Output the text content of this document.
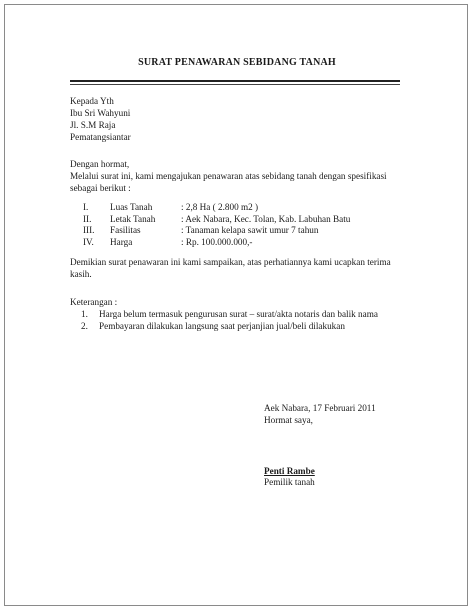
SURAT PENAWARAN SEBIDANG TANAH
Kepada Yth
Ibu Sri Wahyuni
Jl. S.M Raja
Pematangsiantar
Dengan hormat,
Melalui surat ini, kami mengajukan penawaran atas sebidang tanah dengan spesifikasi sebagai berikut :
I. Luas Tanah	: 2,8 Ha ( 2.800 m2 )
II. Letak Tanah	: Aek Nabara, Kec. Tolan, Kab. Labuhan Batu
III. Fasilitas	: Tanaman kelapa sawit umur 7 tahun
IV. Harga	: Rp. 100.000.000,-
Demikian surat penawaran ini kami sampaikan, atas perhatiannya kami ucapkan terima kasih.
Keterangan :
1. Harga belum termasuk pengurusan surat – surat/akta notaris dan balik nama
2. Pembayaran dilakukan langsung saat perjanjian jual/beli dilakukan
Aek Nabara, 17 Februari 2011
Hormat saya,
Penti Rambe
Pemilik tanah
